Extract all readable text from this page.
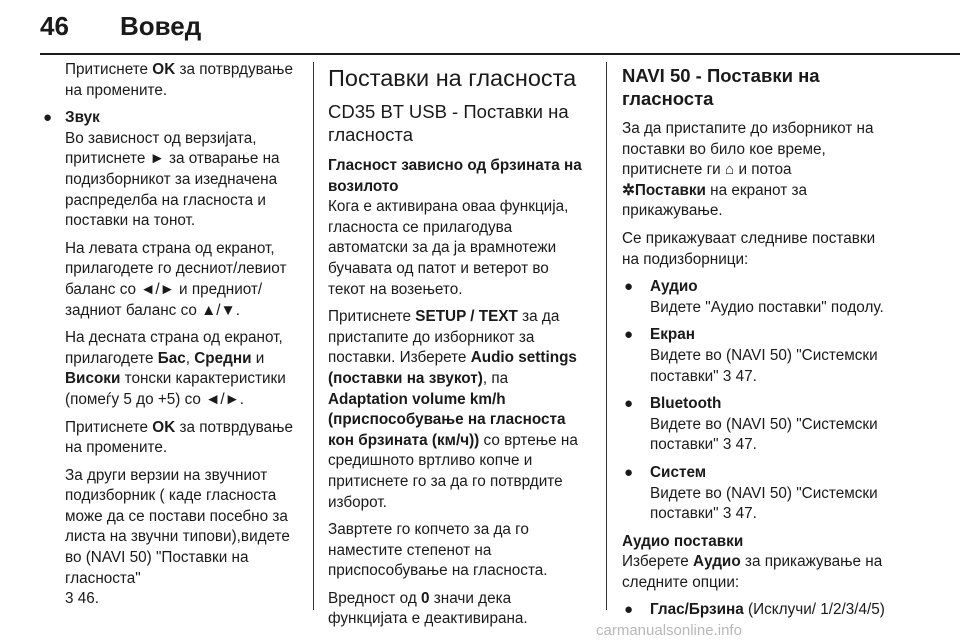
46 Вовед

Притиснете OK за потврдување на промените.

● Звук

Во зависност од верзијата, притиснете ► за отварање на подизборникот за изедначена распределба на гласноста и поставки на тонот.

На левата страна од екранот, прилагодете го десниот/левиот баланс со ◄/► и предниот/ задниот баланс со ▲/▼.

На десната страна од екранот, прилагодете Бас, Средни и Високи тонски карактеристики (помеѓу 5 до +5) со ◄/►.

Притиснете OK за потврдување на промените.

За други верзии на звучниот подизборник ( каде гласноста може да се постави посебно за листа на звучни типови),видете во (NAVI 50) "Поставки на гласноста"
3 46.

Поставки на гласноста
CD35 BT USB - Поставки на гласноста

Гласност зависно од брзината на возилото

Кога е активирана оваа функција, гласноста се прилагодува автоматски за да ја врамнотежи бучавата од патот и ветерот во текот на возењето.

Притиснете SETUP / TEXT за да пристапите до изборникот за поставки. Изберете Audio settings (поставки на звукот), па Adaptation volume km/h (приспособување на гласноста кон брзината (км/ч)) со вртење на средишното вртливо копче и притиснете го за да го потврдите изборот.

Завртете го копчето за да го наместите степенот на приспособување на гласноста.

Вредност од 0 значи дека функцијата е деактивирана.

NAVI 50 - Поставки на гласноста

За да пристапите до изборникот на поставки во било кое време, притиснете ги ⌂ и потоа
✲Поставки на екранот за прикажување.

Се прикажуваат следниве поставки на подизборници:

● Аудио

Видете "Аудио поставки" подолу.

● Екран

Видете во (NAVI 50) "Системски поставки" 3 47.

● Bluetooth

Видете во (NAVI 50) "Системски поставки" 3 47.

● Систем

Видете во (NAVI 50) "Системски поставки" 3 47.

Аудио поставки

Изберете Аудио за прикажување на следните опции:

● Глас/Брзина (Исклучи/ 1/2/3/4/5)

carmanualsonline.info
